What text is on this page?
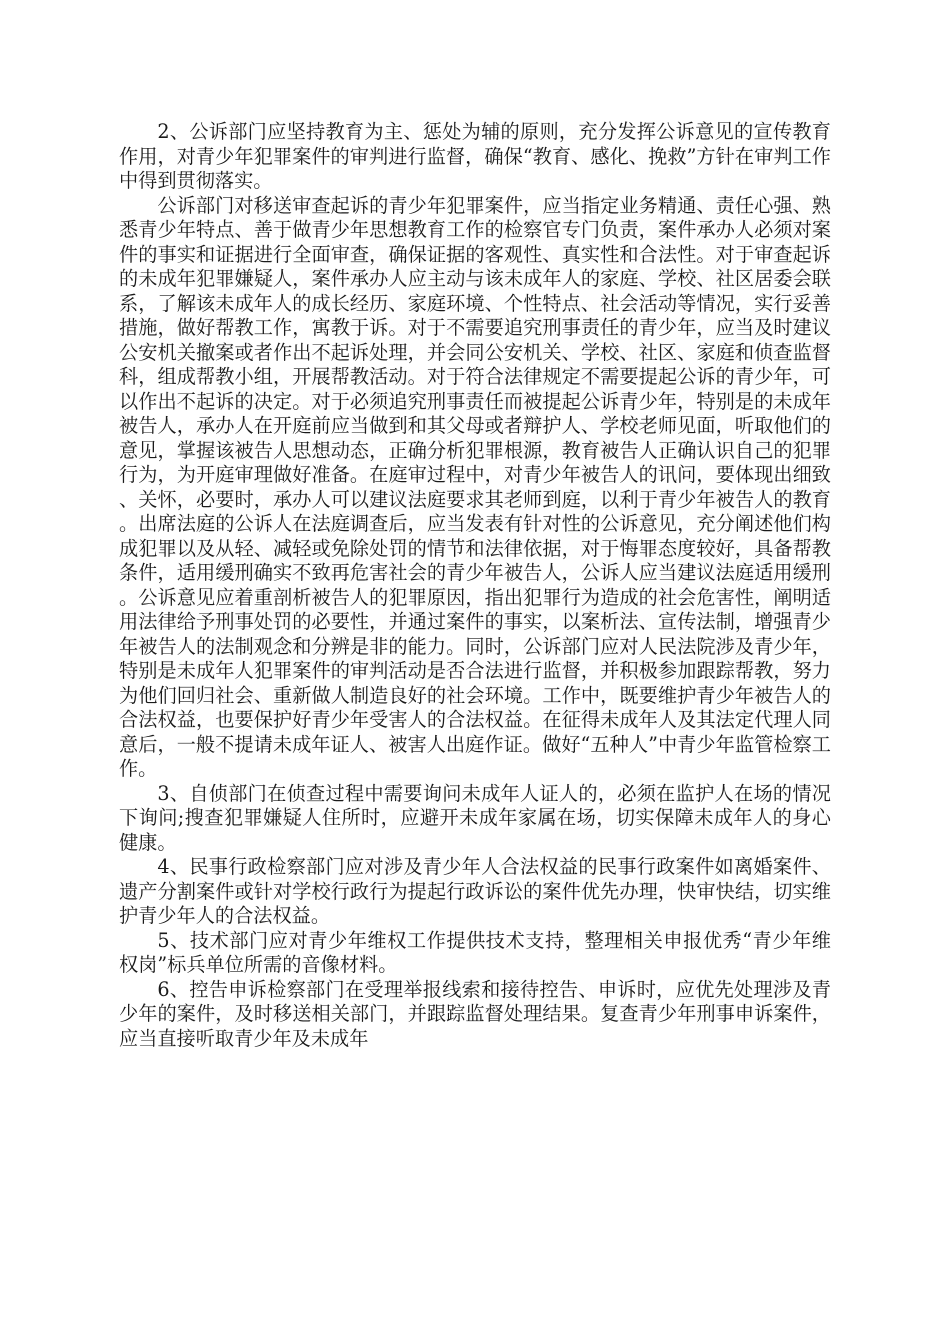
2、公诉部门应坚持教育为主、惩处为辅的原则，充分发挥公诉意见的宣传教育作用，对青少年犯罪案件的审判进行监督，确保“教育、感化、挽救”方针在审判工作中得到贯彻落实。

公诉部门对移送审查起诉的青少年犯罪案件，应当指定业务精通、责任心强、熟悉青少年特点、善于做青少年思想教育工作的检察官专门负责，案件承办人必须对案件的事实和证据进行全面审查，确保证据的客观性、真实性和合法性。对于审查起诉的未成年犯罪嫌疑人，案件承办人应主动与该未成年人的家庭、学校、社区居委会联系，了解该未成年人的成长经历、家庭环境、个性特点、社会活动等情况，实行妥善措施，做好帮教工作，寓教于诉。对于不需要追究刑事责任的青少年，应当及时建议公安机关撤案或者作出不起诉处理，并会同公安机关、学校、社区、家庭和侦查监督科，组成帮教小组，开展帮教活动。对于符合法律规定不需要提起公诉的青少年，可以作出不起诉的决定。对于必须追究刑事责任而被提起公诉青少年，特别是的未成年被告人，承办人在开庭前应当做到和其父母或者辩护人、学校老师见面，听取他们的意见，掌握该被告人思想动态，正确分析犯罪根源，教育被告人正确认识自己的犯罪行为，为开庭审理做好准备。在庭审过程中，对青少年被告人的讯问，要体现出细致、关怀，必要时，承办人可以建议法庭要求其老师到庭，以利于青少年被告人的教育。出席法庭的公诉人在法庭调查后，应当发表有针对性的公诉意见，充分阐述他们构成犯罪以及从轻、减轻或免除处罚的情节和法律依据，对于悔罪态度较好，具备帮教条件，适用缓刑确实不致再危害社会的青少年被告人，公诉人应当建议法庭适用缓刑。公诉意见应着重剖析被告人的犯罪原因，指出犯罪行为造成的社会危害性，阐明适用法律给予刑事处罚的必要性，并通过案件的事实，以案析法、宣传法制，增强青少年被告人的法制观念和分辨是非的能力。同时，公诉部门应对人民法院涉及青少年，特别是未成年人犯罪案件的审判活动是否合法进行监督，并积极参加跟踪帮教，努力为他们回归社会、重新做人制造良好的社会环境。工作中，既要维护青少年被告人的合法权益，也要保护好青少年受害人的合法权益。在征得未成年人及其法定代理人同意后，一般不提请未成年证人、被害人出庭作证。做好“五种人”中青少年监管检察工作。

3、自侦部门在侦查过程中需要询问未成年人证人的，必须在监护人在场的情况下询问;搜查犯罪嫌疑人住所时，应避开未成年家属在场，切实保障未成年人的身心健康。

4、民事行政检察部门应对涉及青少年人合法权益的民事行政案件如离婚案件、遗产分割案件或针对学校行政行为提起行政诉讼的案件优先办理，快审快结，切实维护青少年人的合法权益。

5、技术部门应对青少年维权工作提供技术支持，整理相关申报优秀“青少年维权岗”标兵单位所需的音像材料。

6、控告申诉检察部门在受理举报线索和接待控告、申诉时，应优先处理涉及青少年的案件，及时移送相关部门，并跟踪监督处理结果。复查青少年刑事申诉案件，应当直接听取青少年及未成年
